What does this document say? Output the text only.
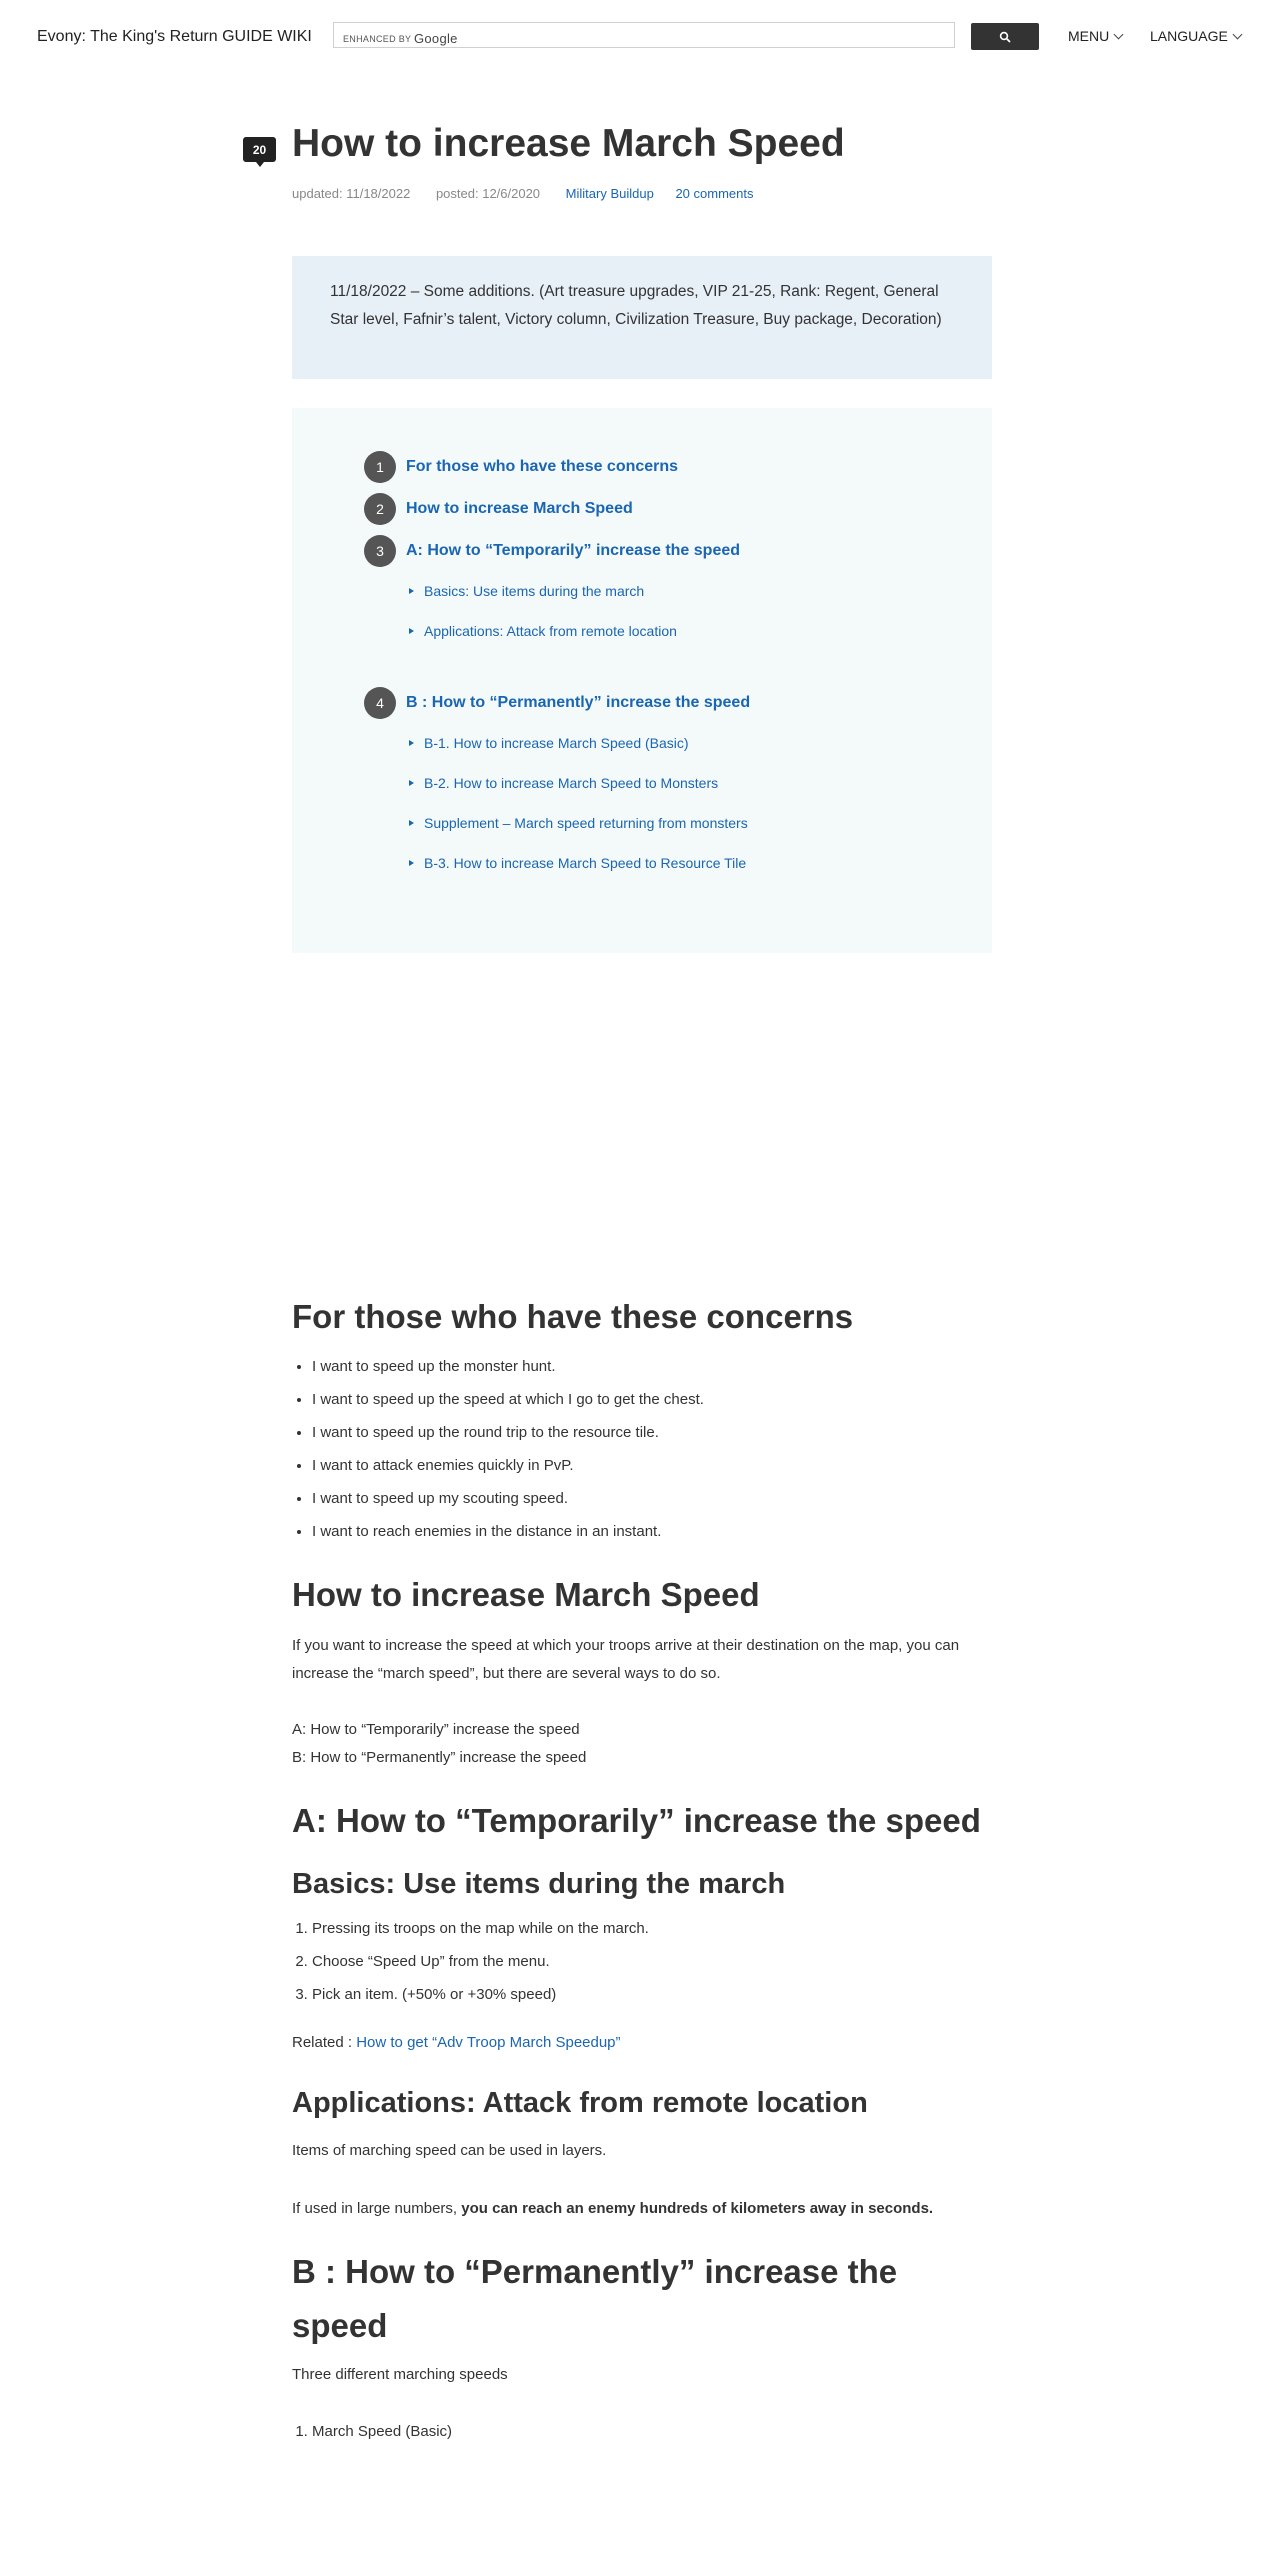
Evony: The King's Return GUIDE WIKI	ENHANCED BY Google	MENU	LANGUAGE
20 How to increase March Speed
updated: 11/18/2022 posted: 12/6/2020 Military Buildup 20 comments
11/18/2022 – Some additions. (Art treasure upgrades, VIP 21-25, Rank: Regent, General Star level, Fafnir’s talent, Victory column, Civilization Treasure, Buy package, Decoration)
1	For those who have these concerns
2	How to increase March Speed
3	A: How to “Temporarily” increase the speed
Basics: Use items during the march
Applications: Attack from remote location
4	B : How to “Permanently” increase the speed
B-1. How to increase March Speed (Basic)
B-2. How to increase March Speed to Monsters
Supplement – March speed returning from monsters
B-3. How to increase March Speed to Resource Tile
For those who have these concerns
• I want to speed up the monster hunt.
• I want to speed up the speed at which I go to get the chest.
• I want to speed up the round trip to the resource tile.
• I want to attack enemies quickly in PvP.
• I want to speed up my scouting speed.
• I want to reach enemies in the distance in an instant.
How to increase March Speed

If you want to increase the speed at which your troops arrive at their destination on the map, you can increase the “march speed”, but there are several ways to do so.

A: How to “Temporarily” increase the speed

B: How to “Permanently” increase the speed

A: How to “Temporarily” increase the speed
Basics: Use items during the march
1. Pressing its troops on the map while on the march.
2. Choose “Speed Up” from the menu.
3. Pick an item. (+50% or +30% speed)

Related : How to get “Adv Troop March Speedup”

Applications: Attack from remote location

Items of marching speed can be used in layers.

If used in large numbers, you can reach an enemy hundreds of kilometers away in seconds.

B : How to “Permanently” increase the speed

Three different marching speeds

1. March Speed (Basic)
